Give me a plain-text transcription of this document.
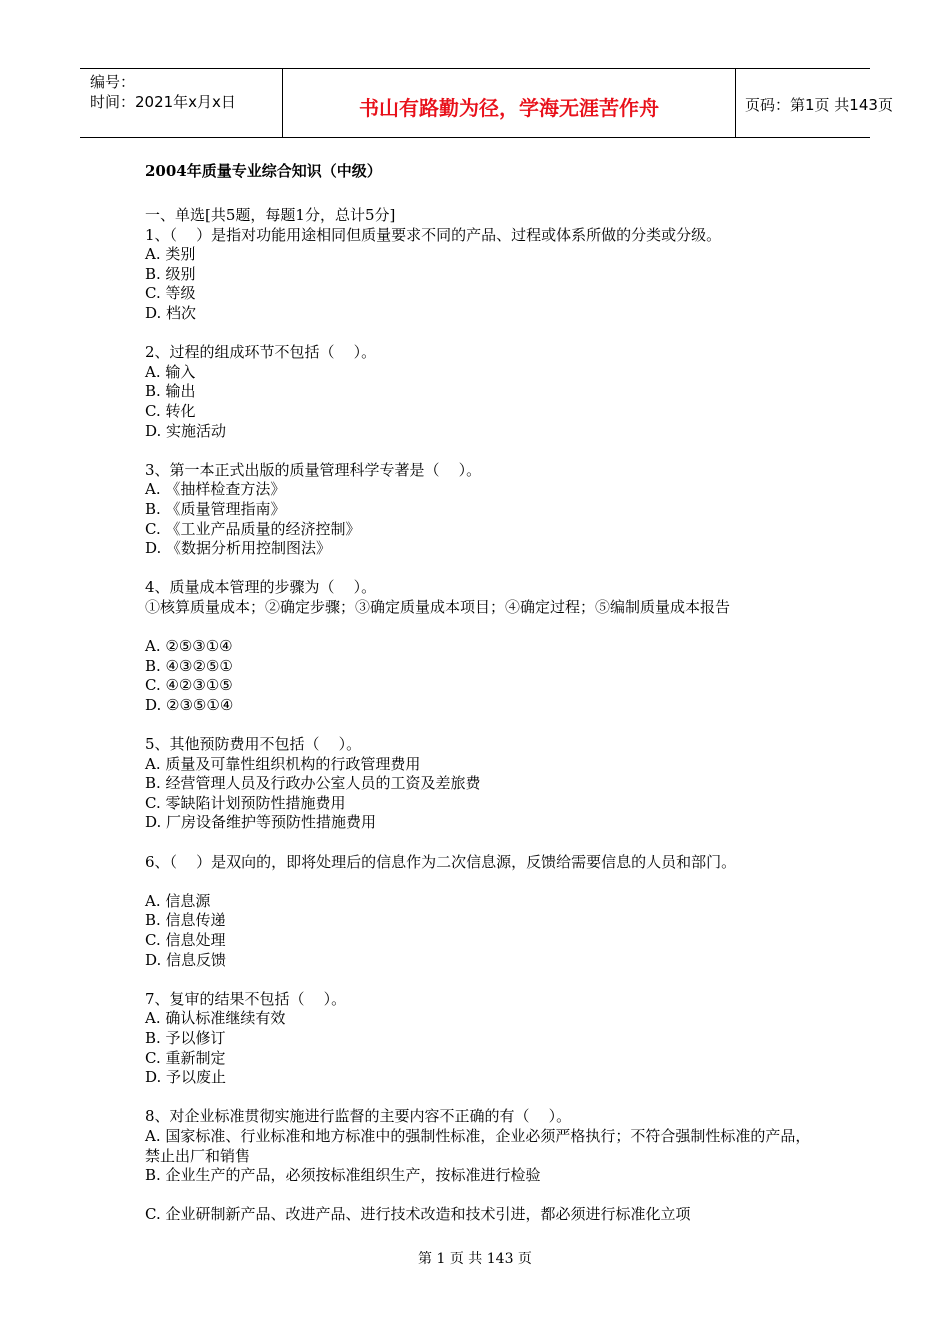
编号：
时间：2021年x月x日	书山有路勤为径，学海无涯苦作舟	页码：第1页 共143页
2004年质量专业综合知识（中级）
一、单选[共5题，每题1分，总计5分]
1、（    ）是指对功能用途相同但质量要求不同的产品、过程或体系所做的分类或分级。
A. 类别
B. 级别
C. 等级
D. 档次
2、过程的组成环节不包括（    ）。
A. 输入
B. 输出
C. 转化
D. 实施活动
3、第一本正式出版的质量管理科学专著是（    ）。
A. 《抽样检查方法》
B. 《质量管理指南》
C. 《工业产品质量的经济控制》
D. 《数据分析用控制图法》
4、质量成本管理的步骤为（    ）。
①核算质量成本；②确定步骤；③确定质量成本项目；④确定过程；⑤编制质量成本报告
A. ②⑤③①④
B. ④③②⑤①
C. ④②③①⑤
D. ②③⑤①④
5、其他预防费用不包括（    ）。
A. 质量及可靠性组织机构的行政管理费用
B. 经营管理人员及行政办公室人员的工资及差旅费
C. 零缺陷计划预防性措施费用
D. 厂房设备维护等预防性措施费用
6、（    ）是双向的，即将处理后的信息作为二次信息源，反馈给需要信息的人员和部门。
A. 信息源
B. 信息传递
C. 信息处理
D. 信息反馈
7、复审的结果不包括（    ）。
A. 确认标准继续有效
B. 予以修订
C. 重新制定
D. 予以废止
8、对企业标准贯彻实施进行监督的主要内容不正确的有（    ）。
A. 国家标准、行业标准和地方标准中的强制性标准，企业必须严格执行；不符合强制性标准的产品，禁止出厂和销售
B. 企业生产的产品，必须按标准组织生产，按标准进行检验
C. 企业研制新产品、改进产品、进行技术改造和技术引进，都必须进行标准化立项
第 1 页 共 143 页
